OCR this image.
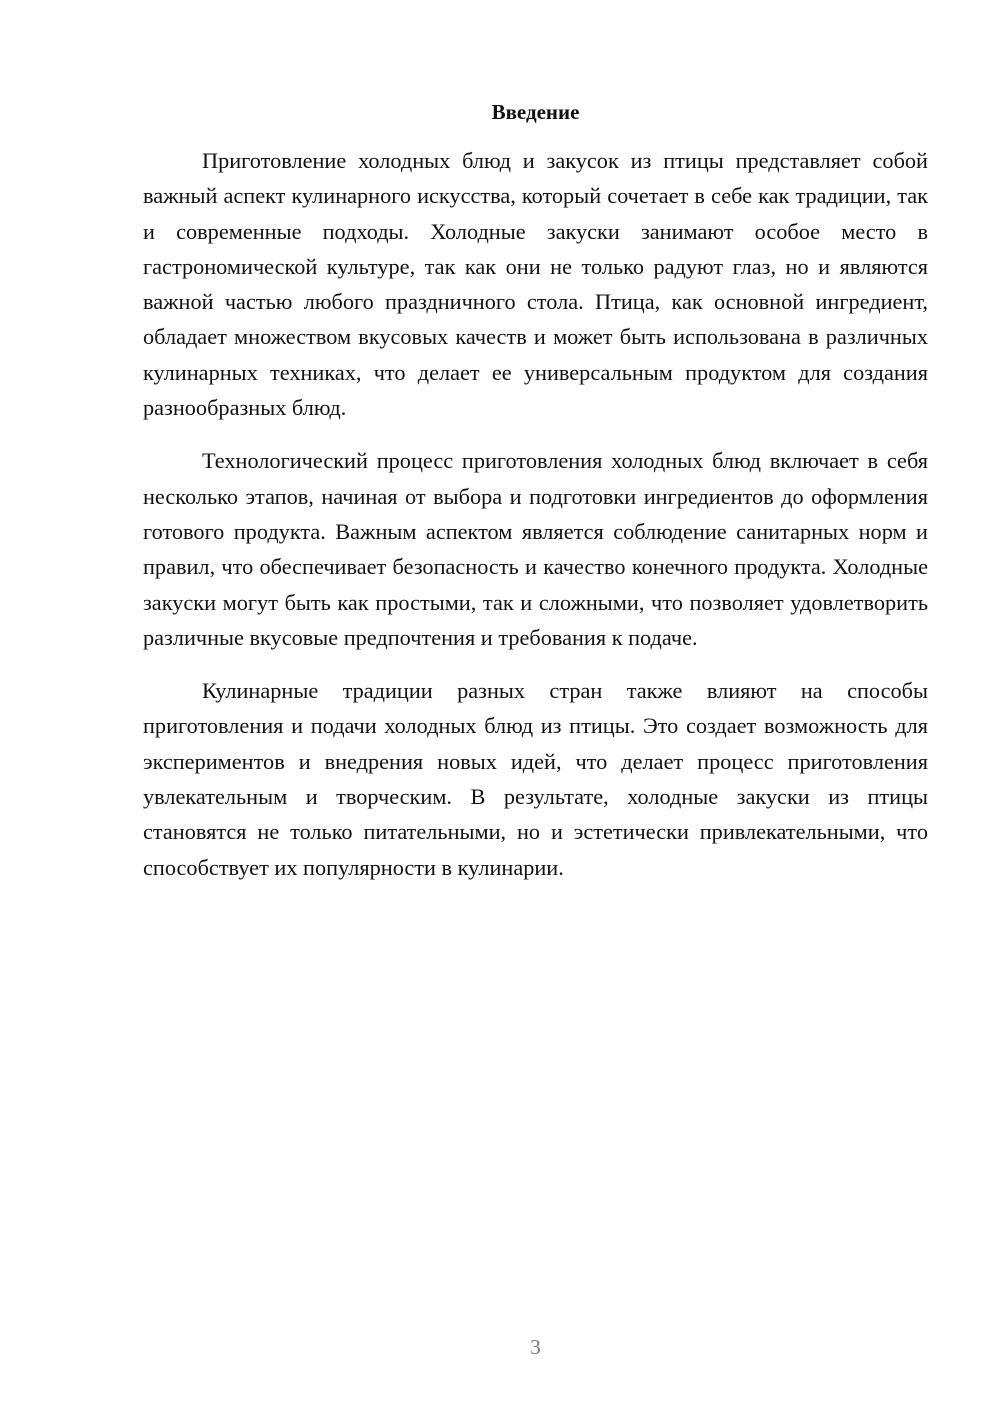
Введение

Приготовление холодных блюд и закусок из птицы представляет собой важный аспект кулинарного искусства, который сочетает в себе как традиции, так и современные подходы. Холодные закуски занимают особое место в гастрономической культуре, так как они не только радуют глаз, но и являются важной частью любого праздничного стола. Птица, как основной ингредиент, обладает множеством вкусовых качеств и может быть использована в различных кулинарных техниках, что делает ее универсальным продуктом для создания разнообразных блюд.

Технологический процесс приготовления холодных блюд включает в себя несколько этапов, начиная от выбора и подготовки ингредиентов до оформления готового продукта. Важным аспектом является соблюдение санитарных норм и правил, что обеспечивает безопасность и качество конечного продукта. Холодные закуски могут быть как простыми, так и сложными, что позволяет удовлетворить различные вкусовые предпочтения и требования к подаче.

Кулинарные традиции разных стран также влияют на способы приготовления и подачи холодных блюд из птицы. Это создает возможность для экспериментов и внедрения новых идей, что делает процесс приготовления увлекательным и творческим. В результате, холодные закуски из птицы становятся не только питательными, но и эстетически привлекательными, что способствует их популярности в кулинарии.

3
